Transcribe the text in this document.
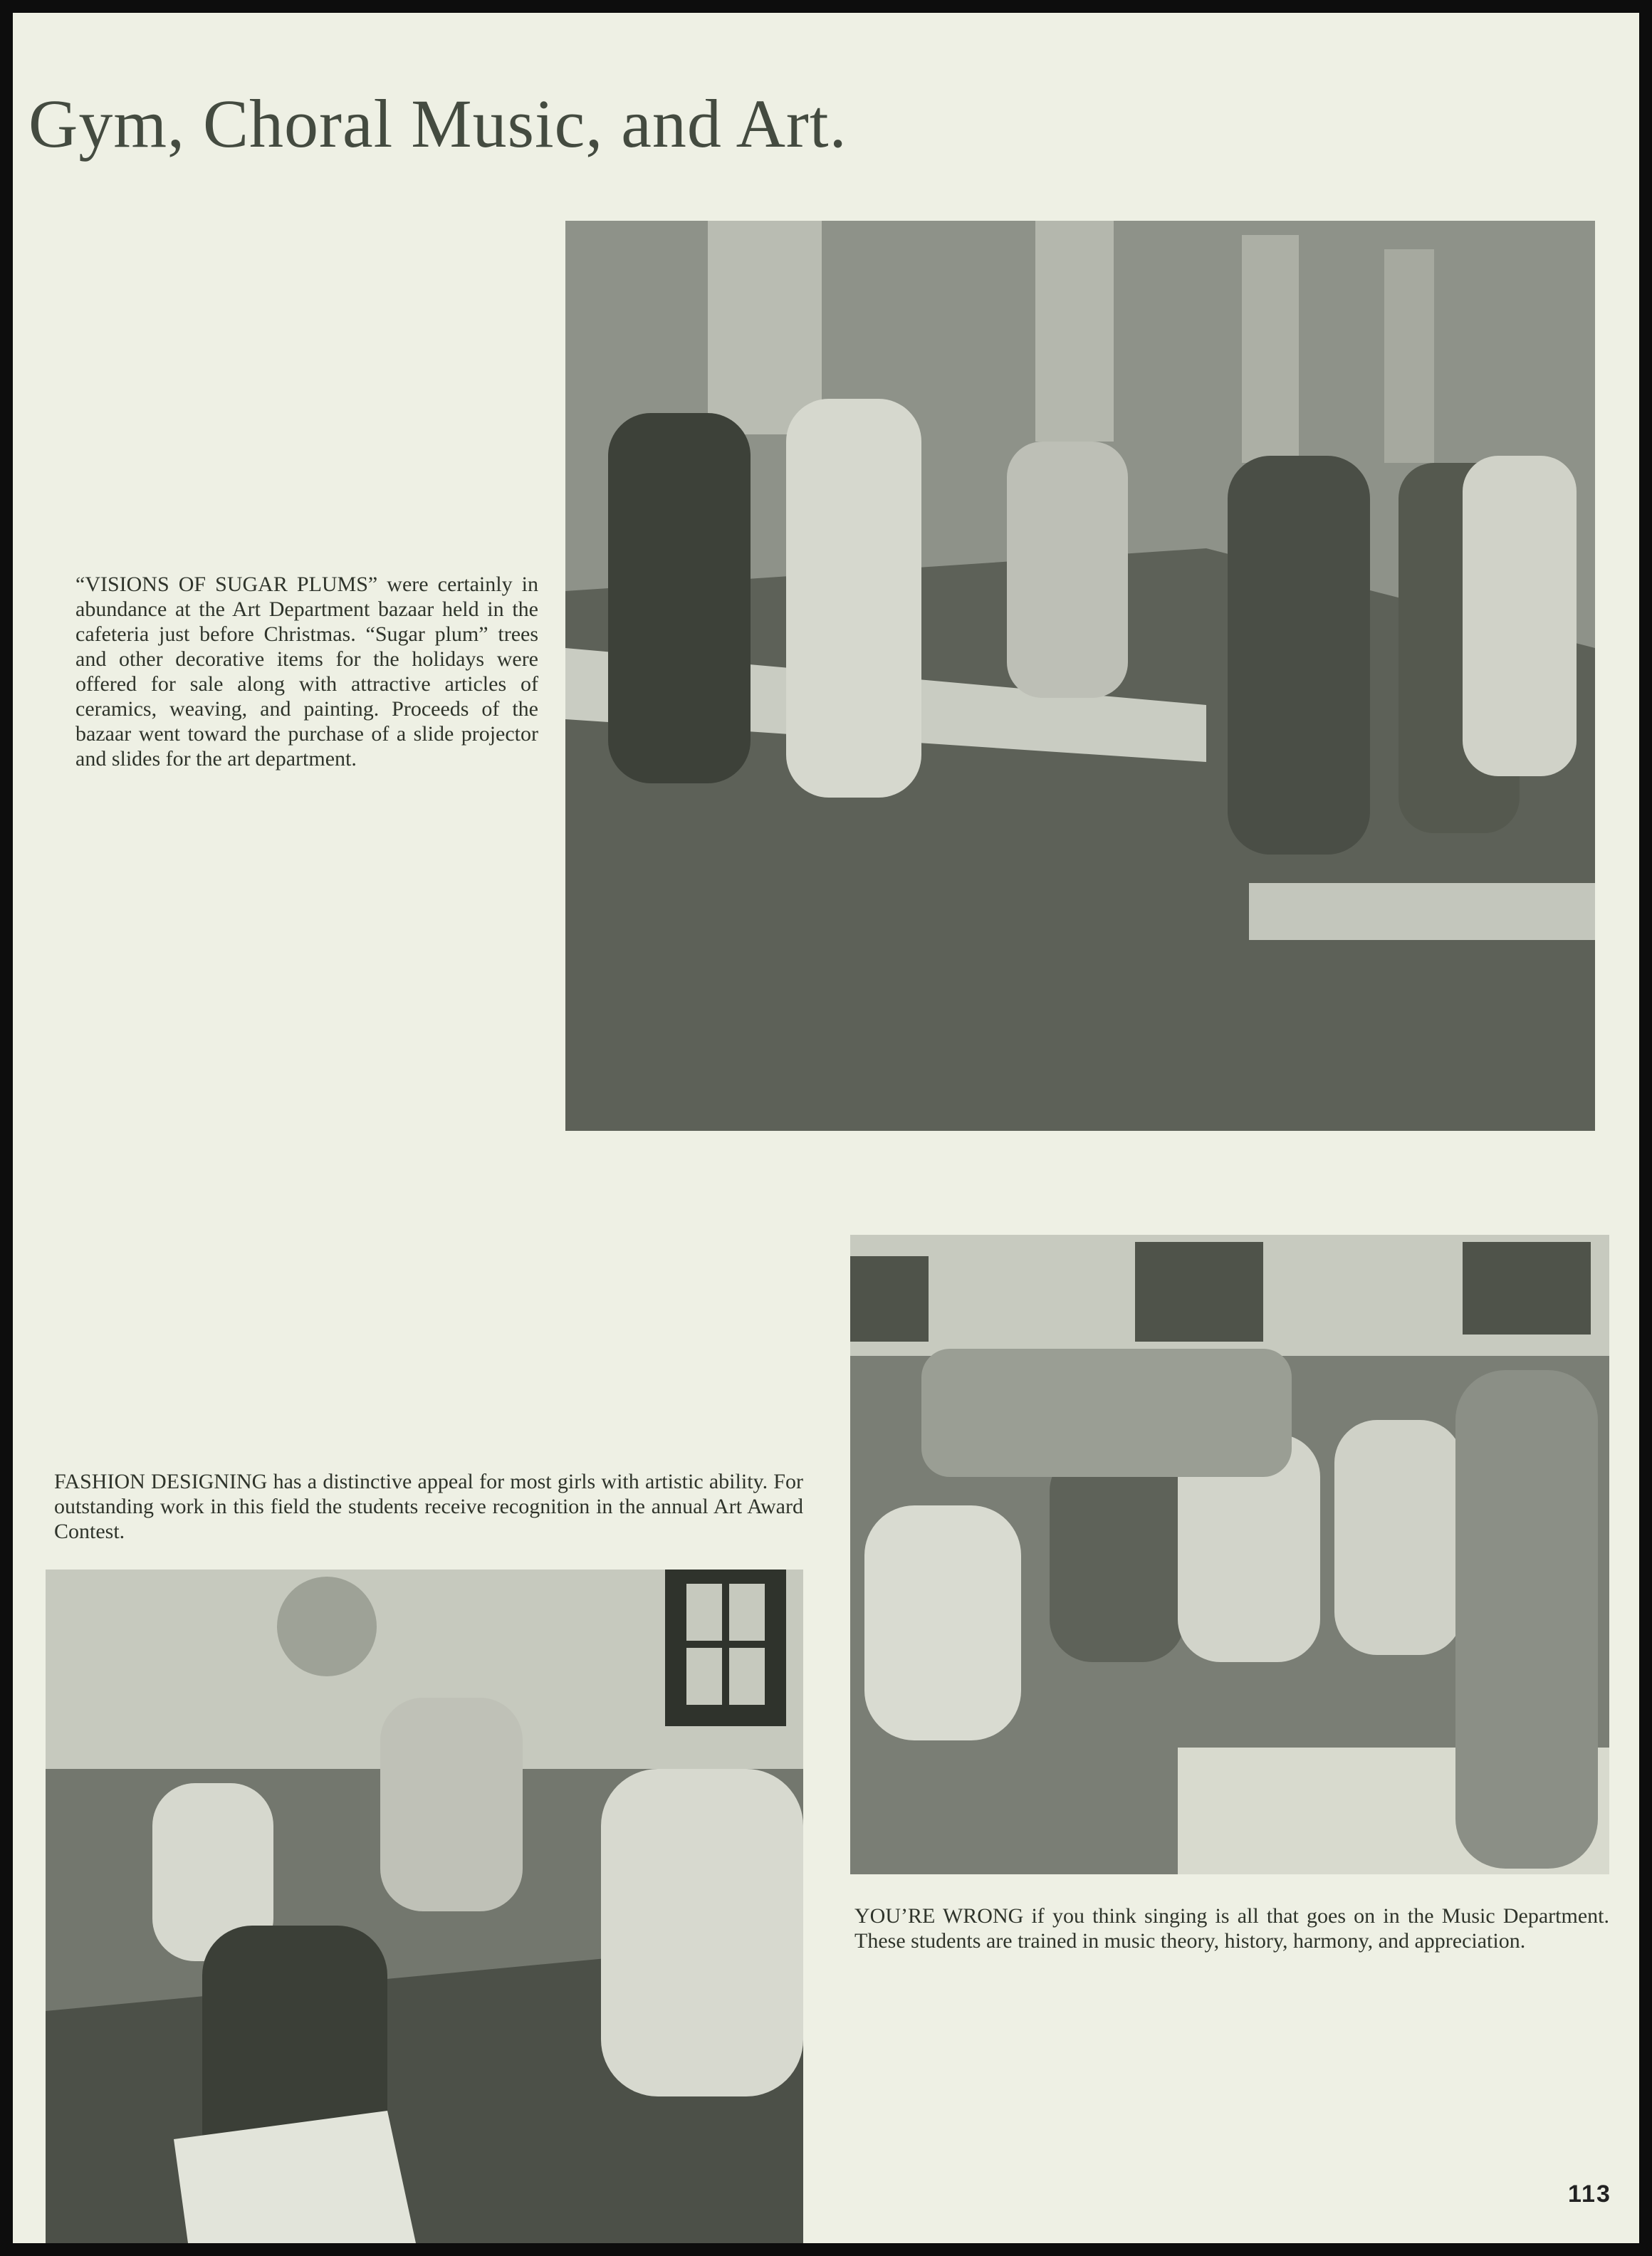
Gym, Choral Music, and Art.

“VISIONS OF SUGAR PLUMS” were certainly in abundance at the Art Department bazaar held in the cafeteria just before Christmas. “Sugar plum” trees and other decorative items for the holidays were offered for sale along with attractive articles of ceramics, weaving, and painting. Proceeds of the bazaar went toward the purchase of a slide projector and slides for the art department.

FASHION DESIGNING has a distinctive appeal for most girls with artistic ability. For outstanding work in this field the students receive recognition in the annual Art Award Contest.

YOU’RE WRONG if you think singing is all that goes on in the Music Department. These students are trained in music theory, history, harmony, and appreciation.

113
